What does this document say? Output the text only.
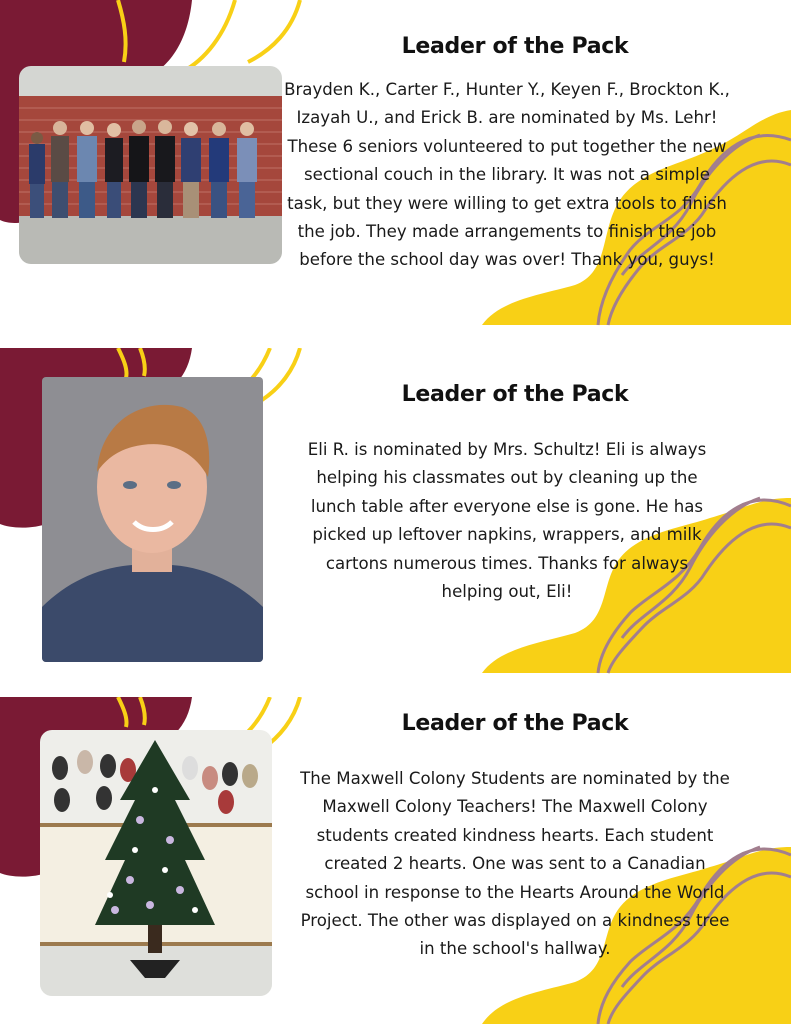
Leader of the Pack
Brayden K., Carter F., Hunter Y., Keyen F., Brockton K., Izayah U., and Erick B. are nominated by Ms. Lehr! These 6 seniors volunteered to put together the new sectional couch in the library. It was not a simple task, but they were willing to get extra tools to finish the job. They made arrangements to finish the job before the school day was over! Thank you, guys!
Leader of the Pack
Eli R. is nominated by Mrs. Schultz! Eli is always helping his classmates out by cleaning up the lunch table after everyone else is gone. He has picked up leftover napkins, wrappers, and milk cartons numerous times. Thanks for always helping out, Eli!
Leader of the Pack
The Maxwell Colony Students are nominated by the Maxwell Colony Teachers! The Maxwell Colony students created kindness hearts. Each student created 2 hearts. One was sent to a Canadian school in response to the Hearts Around the World Project. The other was displayed on a kindness tree in the school's hallway.
